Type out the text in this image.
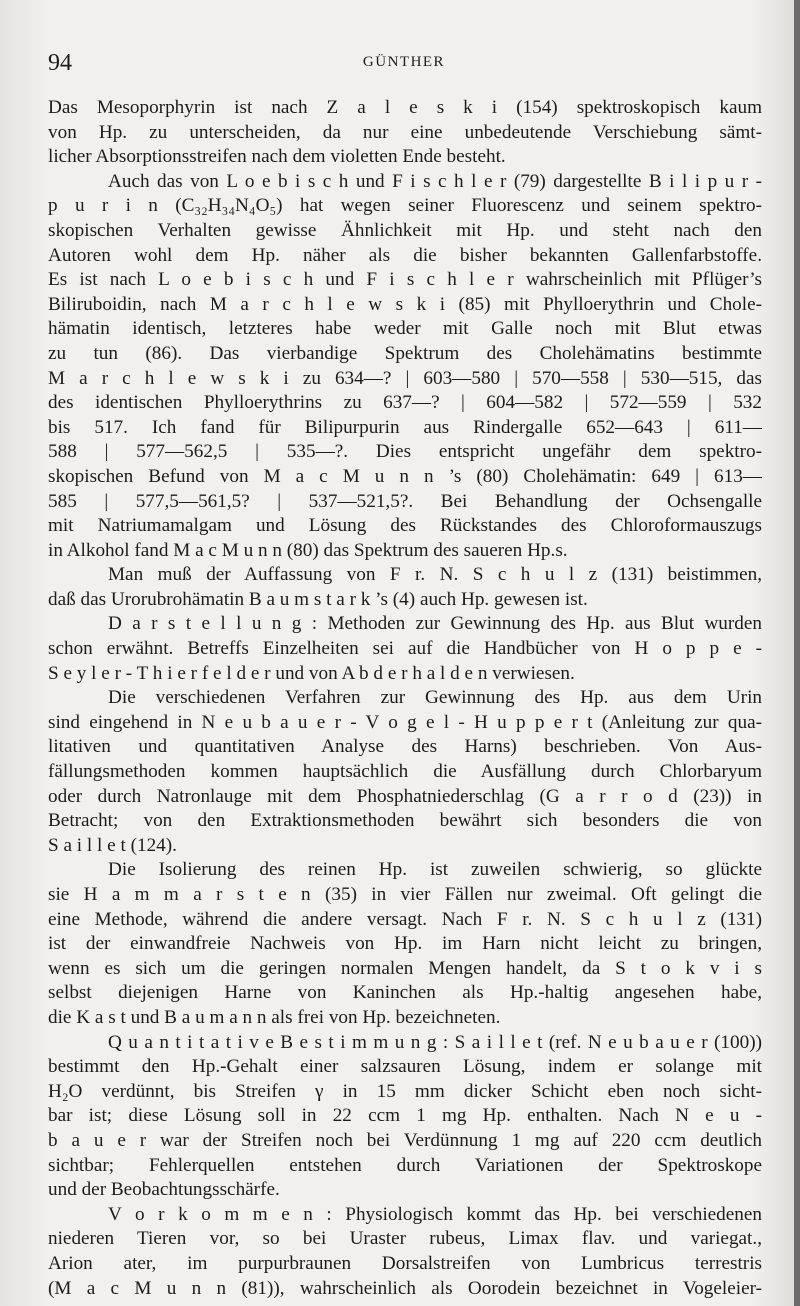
94	GÜNTHER
Das Mesoporphyrin ist nach Z a l e s k i (154) spektroskopisch kaum
von Hp. zu unterscheiden, da nur eine unbedeutende Verschiebung sämt-
licher Absorptionsstreifen nach dem violetten Ende besteht.
Auch das von L o e b i s c h und F i s c h l e r (79) dargestellte B i l i p u r -
p u r i n (C₃₂H₃₄N₄O₅) hat wegen seiner Fluorescenz und seinem spektro-
skopischen Verhalten gewisse Ähnlichkeit mit Hp. und steht nach den
Autoren wohl dem Hp. näher als die bisher bekannten Gallenfarbstoffe.
Es ist nach L o e b i s c h und F i s c h l e r wahrscheinlich mit Pflüger’s
Biliruboidin, nach M a r c h l e w s k i (85) mit Phylloerythrin und Chole-
hämatin identisch, letzteres habe weder mit Galle noch mit Blut etwas
zu tun (86). Das vierbandige Spektrum des Cholehämatins bestimmte
M a r c h l e w s k i zu 634—? | 603—580 | 570—558 | 530—515, das
des identischen Phylloerythrins zu 637—? | 604—582 | 572—559 | 532
bis 517. Ich fand für Bilipurpurin aus Rindergalle 652—643 | 611—
588 | 577—562,5 | 535—?. Dies entspricht ungefähr dem spektro-
skopischen Befund von M a c M u n n ’s (80) Cholehämatin: 649 | 613—
585 | 577,5—561,5? | 537—521,5?. Bei Behandlung der Ochsengalle
mit Natriumamalgam und Lösung des Rückstandes des Chloroformauszugs
in Alkohol fand M a c M u n n (80) das Spektrum des saueren Hp.s.
Man muß der Auffassung von F r. N. S c h u l z (131) beistimmen,
daß das Urorubrohämatin B a u m s t a r k ’s (4) auch Hp. gewesen ist.
D a r s t e l l u n g : Methoden zur Gewinnung des Hp. aus Blut wurden
schon erwähnt. Betreffs Einzelheiten sei auf die Handbücher von H o p p e -
S e y l e r - T h i e r f e l d e r und von A b d e r h a l d e n verwiesen.
Die verschiedenen Verfahren zur Gewinnung des Hp. aus dem Urin
sind eingehend in N e u b a u e r - V o g e l - H u p p e r t (Anleitung zur qua-
litativen und quantitativen Analyse des Harns) beschrieben. Von Aus-
fällungsmethoden kommen hauptsächlich die Ausfällung durch Chlorbaryum
oder durch Natronlauge mit dem Phosphatniederschlag (G a r r o d (23)) in
Betracht; von den Extraktionsmethoden bewährt sich besonders die von
S a i l l e t (124).
Die Isolierung des reinen Hp. ist zuweilen schwierig, so glückte
sie H a m m a r s t e n (35) in vier Fällen nur zweimal. Oft gelingt die
eine Methode, während die andere versagt. Nach F r. N. S c h u l z (131)
ist der einwandfreie Nachweis von Hp. im Harn nicht leicht zu bringen,
wenn es sich um die geringen normalen Mengen handelt, da S t o k v i s
selbst diejenigen Harne von Kaninchen als Hp.-haltig angesehen habe,
die K a s t und B a u m a n n als frei von Hp. bezeichneten.
Q u a n t i t a t i v e B e s t i m m u n g : S a i l l e t (ref. N e u b a u e r (100))
bestimmt den Hp.-Gehalt einer salzsauren Lösung, indem er solange mit
H₂O verdünnt, bis Streifen γ in 15 mm dicker Schicht eben noch sicht-
bar ist; diese Lösung soll in 22 ccm 1 mg Hp. enthalten. Nach N e u -
b a u e r war der Streifen noch bei Verdünnung 1 mg auf 220 ccm deutlich
sichtbar; Fehlerquellen entstehen durch Variationen der Spektroskope
und der Beobachtungsschärfe.
V o r k o m m e n : Physiologisch kommt das Hp. bei verschiedenen
niederen Tieren vor, so bei Uraster rubeus, Limax flav. und variegat.,
Arion ater, im purpurbraunen Dorsalstreifen von Lumbricus terrestris
(M a c M u n n (81)), wahrscheinlich als Oorodein bezeichnet in Vogeleier-
